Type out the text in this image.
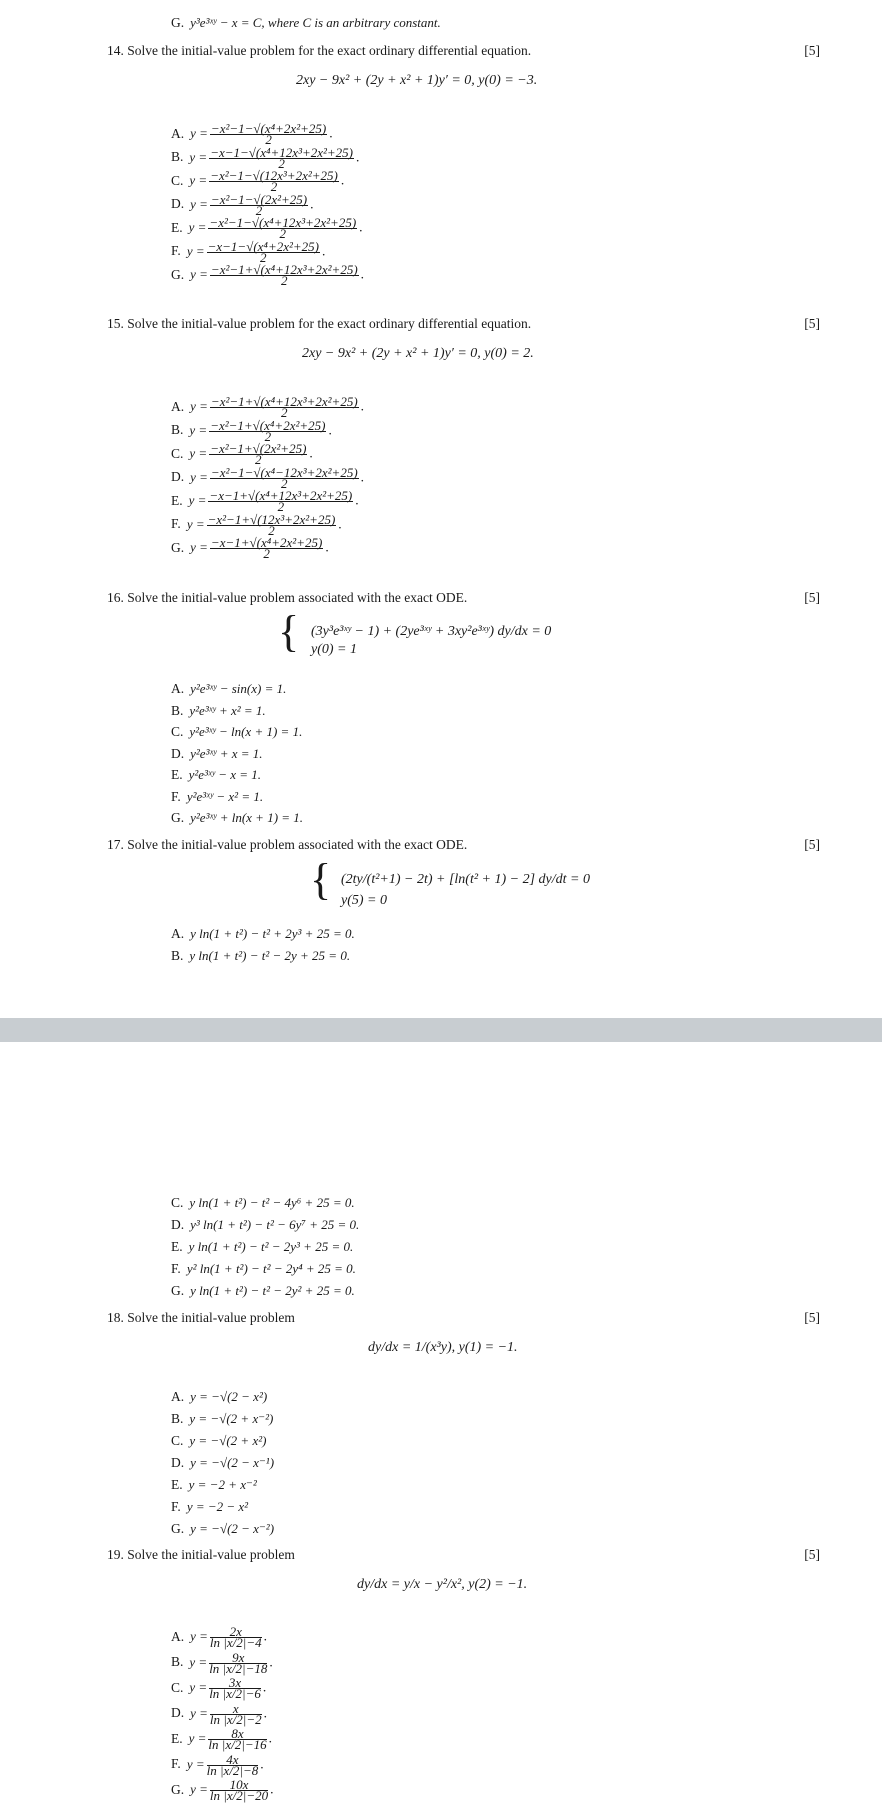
G. y³e³ˣʸ − x = C, where C is an arbitrary constant.
14. Solve the initial-value problem for the exact ordinary differential equation.	[5]
2xy − 9x² + (2y + x² + 1)y′ = 0, y(0) = −3.
A. $y = \frac{\text{−x²−1−√(x⁴+2x²+25)}}{2}$ .
B. $y = \frac{\text{−x−1−√(x⁴+12x³+2x²+25)}}{2}$ .
C. $y = \frac{\text{−x²−1−√(12x³+2x²+25)}}{2}$ .
D. $y = \frac{\text{−x²−1−√(2x²+25)}}{2}$ .
E. $y = \frac{\text{−x²−1−√(x⁴+12x³+2x²+25)}}{2}$ .
F. $y = \frac{\text{−x−1−√(x⁴+2x²+25)}}{2}$ .
G. $y = \frac{\text{−x²−1+√(x⁴+12x³+2x²+25)}}{2}$ .
15. Solve the initial-value problem for the exact ordinary differential equation.	[5]
2xy − 9x² + (2y + x² + 1)y′ = 0, y(0) = 2.
A. $y = \frac{\text{−x²−1+√(x⁴+12x³+2x²+25)}}{2}$ .
B. $y = \frac{\text{−x²−1+√(x⁴+2x²+25)}}{2}$ .
C. $y = \frac{\text{−x²−1+√(2x²+25)}}{2}$ .
D. $y = \frac{\text{−x²−1−√(x⁴−12x³+2x²+25)}}{2}$ .
E. $y = \frac{\text{−x−1+√(x⁴+12x³+2x²+25)}}{2}$ .
F. $y = \frac{\text{−x²−1+√(12x³+2x²+25)}}{2}$ .
G. $y = \frac{\text{−x−1+√(x⁴+2x²+25)}}{2}$ .
16. Solve the initial-value problem associated with the exact ODE.	[5]
{ (3y³e³ˣʸ − 1) + (2ye³ˣʸ + 3xy²e³ˣʸ) dy/dx = 0
y(0) = 1
A. y²e³ˣʸ − sin(x) = 1.
B. y²e³ˣʸ + x² = 1.
C. y²e³ˣʸ − ln(x + 1) = 1.
D. y²e³ˣʸ + x = 1.
E. y²e³ˣʸ − x = 1.
F. y²e³ˣʸ − x² = 1.
G. y²e³ˣʸ + ln(x + 1) = 1.
17. Solve the initial-value problem associated with the exact ODE.	[5]
{ (2ty/(t²+1) − 2t) + [ln(t² + 1) − 2] dy/dt = 0
y(5) = 0
A. y ln(1 + t²) − t² + 2y³ + 25 = 0.
B. y ln(1 + t²) − t² − 2y + 25 = 0.
C. y ln(1 + t²) − t² − 4y⁶ + 25 = 0.
D. y³ ln(1 + t²) − t² − 6y⁷ + 25 = 0.
E. y ln(1 + t²) − t² − 2y³ + 25 = 0.
F. y² ln(1 + t²) − t² − 2y⁴ + 25 = 0.
G. y ln(1 + t²) − t² − 2y² + 25 = 0.
18. Solve the initial-value problem	[5]
dy/dx = 1/(x³y), y(1) = −1.
A. y = −√(2 − x²)
B. y = −√(2 + x⁻²)
C. y = −√(2 + x²)
D. y = −√(2 − x⁻¹)
E. y = −2 + x⁻²
F. y = −2 − x²
G. y = −√(2 − x⁻²)
19. Solve the initial-value problem	[5]
dy/dx = y/x − y²/x², y(2) = −1.
A. $y = \frac{2x}{\ln |x/2|-4}$ .
B. $y = \frac{9x}{\ln |x/2|-18}$ .
C. $y = \frac{3x}{\ln |x/2|-6}$ .
D. $y = \frac{x}{\ln |x/2|-2}$ .
E. $y = \frac{8x}{\ln |x/2|-16}$ .
F. $y = \frac{4x}{\ln |x/2|-8}$ .
G. $y = \frac{10x}{\ln |x/2|-20}$ .
